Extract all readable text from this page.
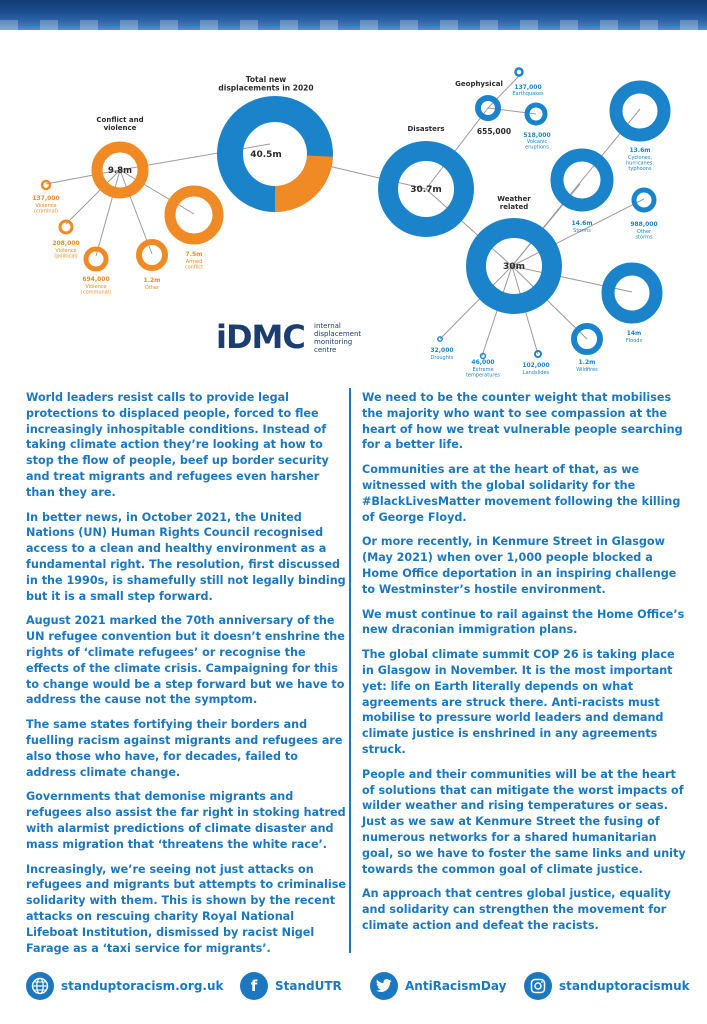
Total new displacements in 2020
40.5m
9.8m
Conflict and violence
137,000
Violence (criminal)
208,000
Violence (political)
694,000
Violence (communal)
1.2m
Other
7.5m
Armed conflict
30.7m
Disasters
Geophysical
655,000
137,000
Earthquakes
518,000
Volcanic eruptions
30m
Weather related
14.6m
Storms
13.6m
Cyclones, hurricanes, typhoons
988,000
Other storms
14m
Floods
1.2m
Wildfires
102,000
Landslides
46,000
Extreme temperatures
32,000
Droughts
iDMC internal
displacement
monitoring
centre

World leaders resist calls to provide legal protections to displaced people, forced to flee increasingly inhospitable conditions. Instead of taking climate action they’re looking at how to stop the flow of people, beef up border security and treat migrants and refugees even harsher than they are.

In better news, in October 2021, the United Nations (UN) Human Rights Council recognised access to a clean and healthy environment as a fundamental right. The resolution, first discussed in the 1990s, is shamefully still not legally binding but it is a small step forward.

August 2021 marked the 70th anniversary of the UN refugee convention but it doesn’t enshrine the rights of ‘climate refugees’ or recognise the effects of the climate crisis. Campaigning for this to change would be a step forward but we have to address the cause not the symptom.

The same states fortifying their borders and fuelling racism against migrants and refugees are also those who have, for decades, failed to address climate change.

Governments that demonise migrants and refugees also assist the far right in stoking hatred with alarmist predictions of climate disaster and mass migration that ‘threatens the white race’.

Increasingly, we’re seeing not just attacks on refugees and migrants but attempts to criminalise solidarity with them. This is shown by the recent attacks on rescuing charity Royal National Lifeboat Institution, dismissed by racist Nigel Farage as a ‘taxi service for migrants’.

We need to be the counter weight that mobilises the majority who want to see compassion at the heart of how we treat vulnerable people searching for a better life.

Communities are at the heart of that, as we witnessed with the global solidarity for the #BlackLivesMatter movement following the killing of George Floyd.

Or more recently, in Kenmure Street in Glasgow (May 2021) when over 1,000 people blocked a Home Office deportation in an inspiring challenge to Westminster’s hostile environment.

We must continue to rail against the Home Office’s new draconian immigration plans.

The global climate summit COP 26 is taking place in Glasgow in November. It is the most important yet: life on Earth literally depends on what agreements are struck there. Anti-racists must mobilise to pressure world leaders and demand climate justice is enshrined in any agreements struck.

People and their communities will be at the heart of solutions that can mitigate the worst impacts of wilder weather and rising temperatures or seas. Just as we saw at Kenmure Street the fusing of numerous networks for a shared humanitarian goal, so we have to foster the same links and unity towards the common goal of climate justice.

An approach that centres global justice, equality and solidarity can strengthen the movement for climate action and defeat the racists.

standuptoracism.org.uk	f	StandUTR	AntiRacismDay	standuptoracismuk
